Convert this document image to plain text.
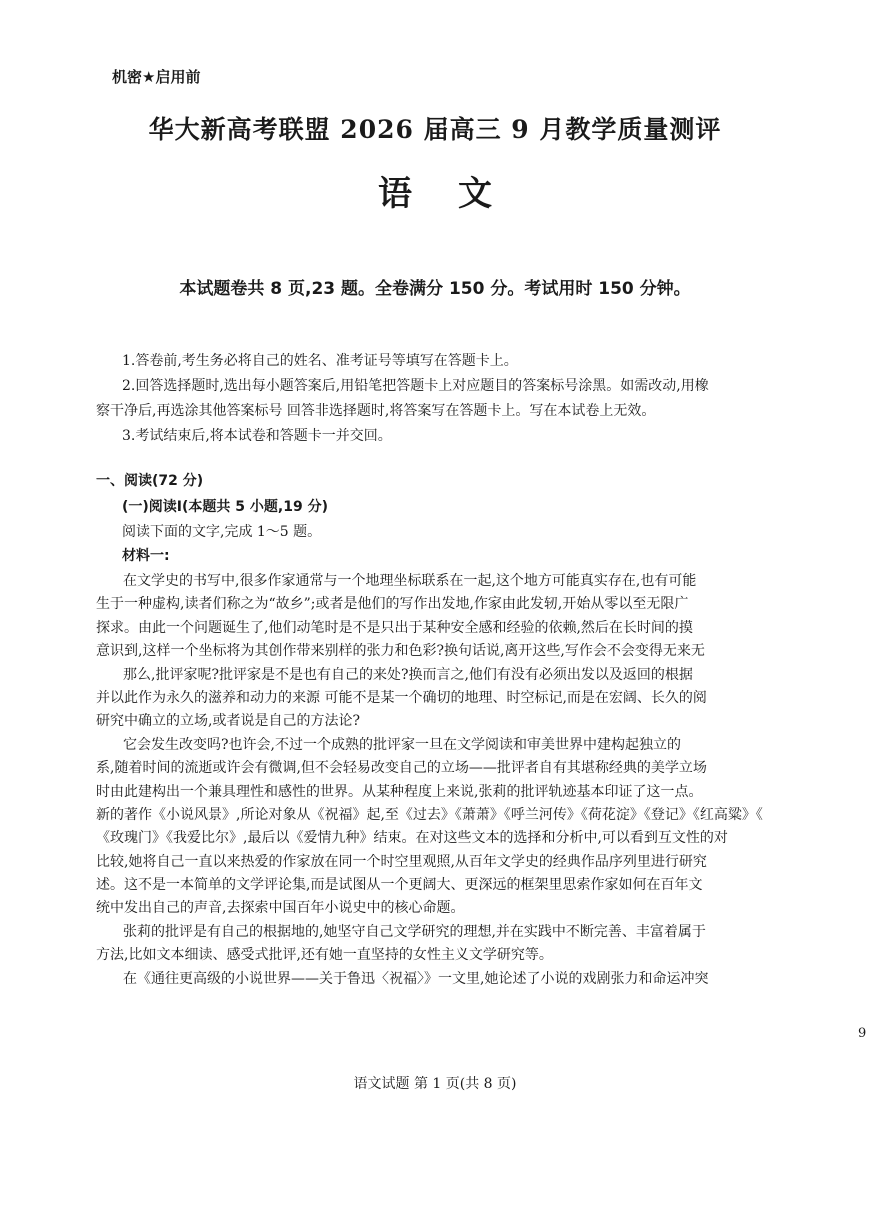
机密★启用前
华大新高考联盟 2026 届高三 9 月教学质量测评
语文
本试题卷共 8 页,23 题。全卷满分 150 分。考试用时 150 分钟。
1.答卷前,考生务必将自己的姓名、准考证号等填写在答题卡上。
2.回答选择题时,选出每小题答案后,用铅笔把答题卡上对应题目的答案标号涂黑。如需改动,用橡
察干净后,再选涂其他答案标号 回答非选择题时,将答案写在答题卡上。写在本试卷上无效。
3.考试结束后,将本试卷和答题卡一并交回。
一、阅读(72 分)
(一)阅读Ⅰ(本题共 5 小题,19 分)
阅读下面的文字,完成 1～5 题。
材料一:
在文学史的书写中,很多作家通常与一个地理坐标联系在一起,这个地方可能真实存在,也有可能
生于一种虚构,读者们称之为“故乡”;或者是他们的写作出发地,作家由此发轫,开始从零以至无限广
探求。由此一个问题诞生了,他们动笔时是不是只出于某种安全感和经验的依赖,然后在长时间的摸
意识到,这样一个坐标将为其创作带来别样的张力和色彩?换句话说,离开这些,写作会不会变得无来无
那么,批评家呢?批评家是不是也有自己的来处?换而言之,他们有没有必须出发以及返回的根据
并以此作为永久的滋养和动力的来源 可能不是某一个确切的地理、时空标记,而是在宏阔、长久的阅
研究中确立的立场,或者说是自己的方法论?
它会发生改变吗?也许会,不过一个成熟的批评家一旦在文学阅读和审美世界中建构起独立的
系,随着时间的流逝或许会有微调,但不会轻易改变自己的立场——批评者自有其堪称经典的美学立场
时由此建构出一个兼具理性和感性的世界。从某种程度上来说,张莉的批评轨迹基本印证了这一点。
新的著作《小说风景》,所论对象从《祝福》起,至《过去》《萧萧》《呼兰河传》《荷花淀》《登记》《红高粱》《
《玫瑰门》《我爱比尔》,最后以《爱情九种》结束。在对这些文本的选择和分析中,可以看到互文性的对
比较,她将自己一直以来热爱的作家放在同一个时空里观照,从百年文学史的经典作品序列里进行研究
述。这不是一本简单的文学评论集,而是试图从一个更阔大、更深远的框架里思索作家如何在百年文
统中发出自己的声音,去探索中国百年小说史中的核心命题。
张莉的批评是有自己的根据地的,她坚守自己文学研究的理想,并在实践中不断完善、丰富着属于
方法,比如文本细读、感受式批评,还有她一直坚持的女性主义文学研究等。
在《通往更高级的小说世界——关于鲁迅〈祝福〉》一文里,她论述了小说的戏剧张力和命运冲突
9
语文试题 第 1 页(共 8 页)
